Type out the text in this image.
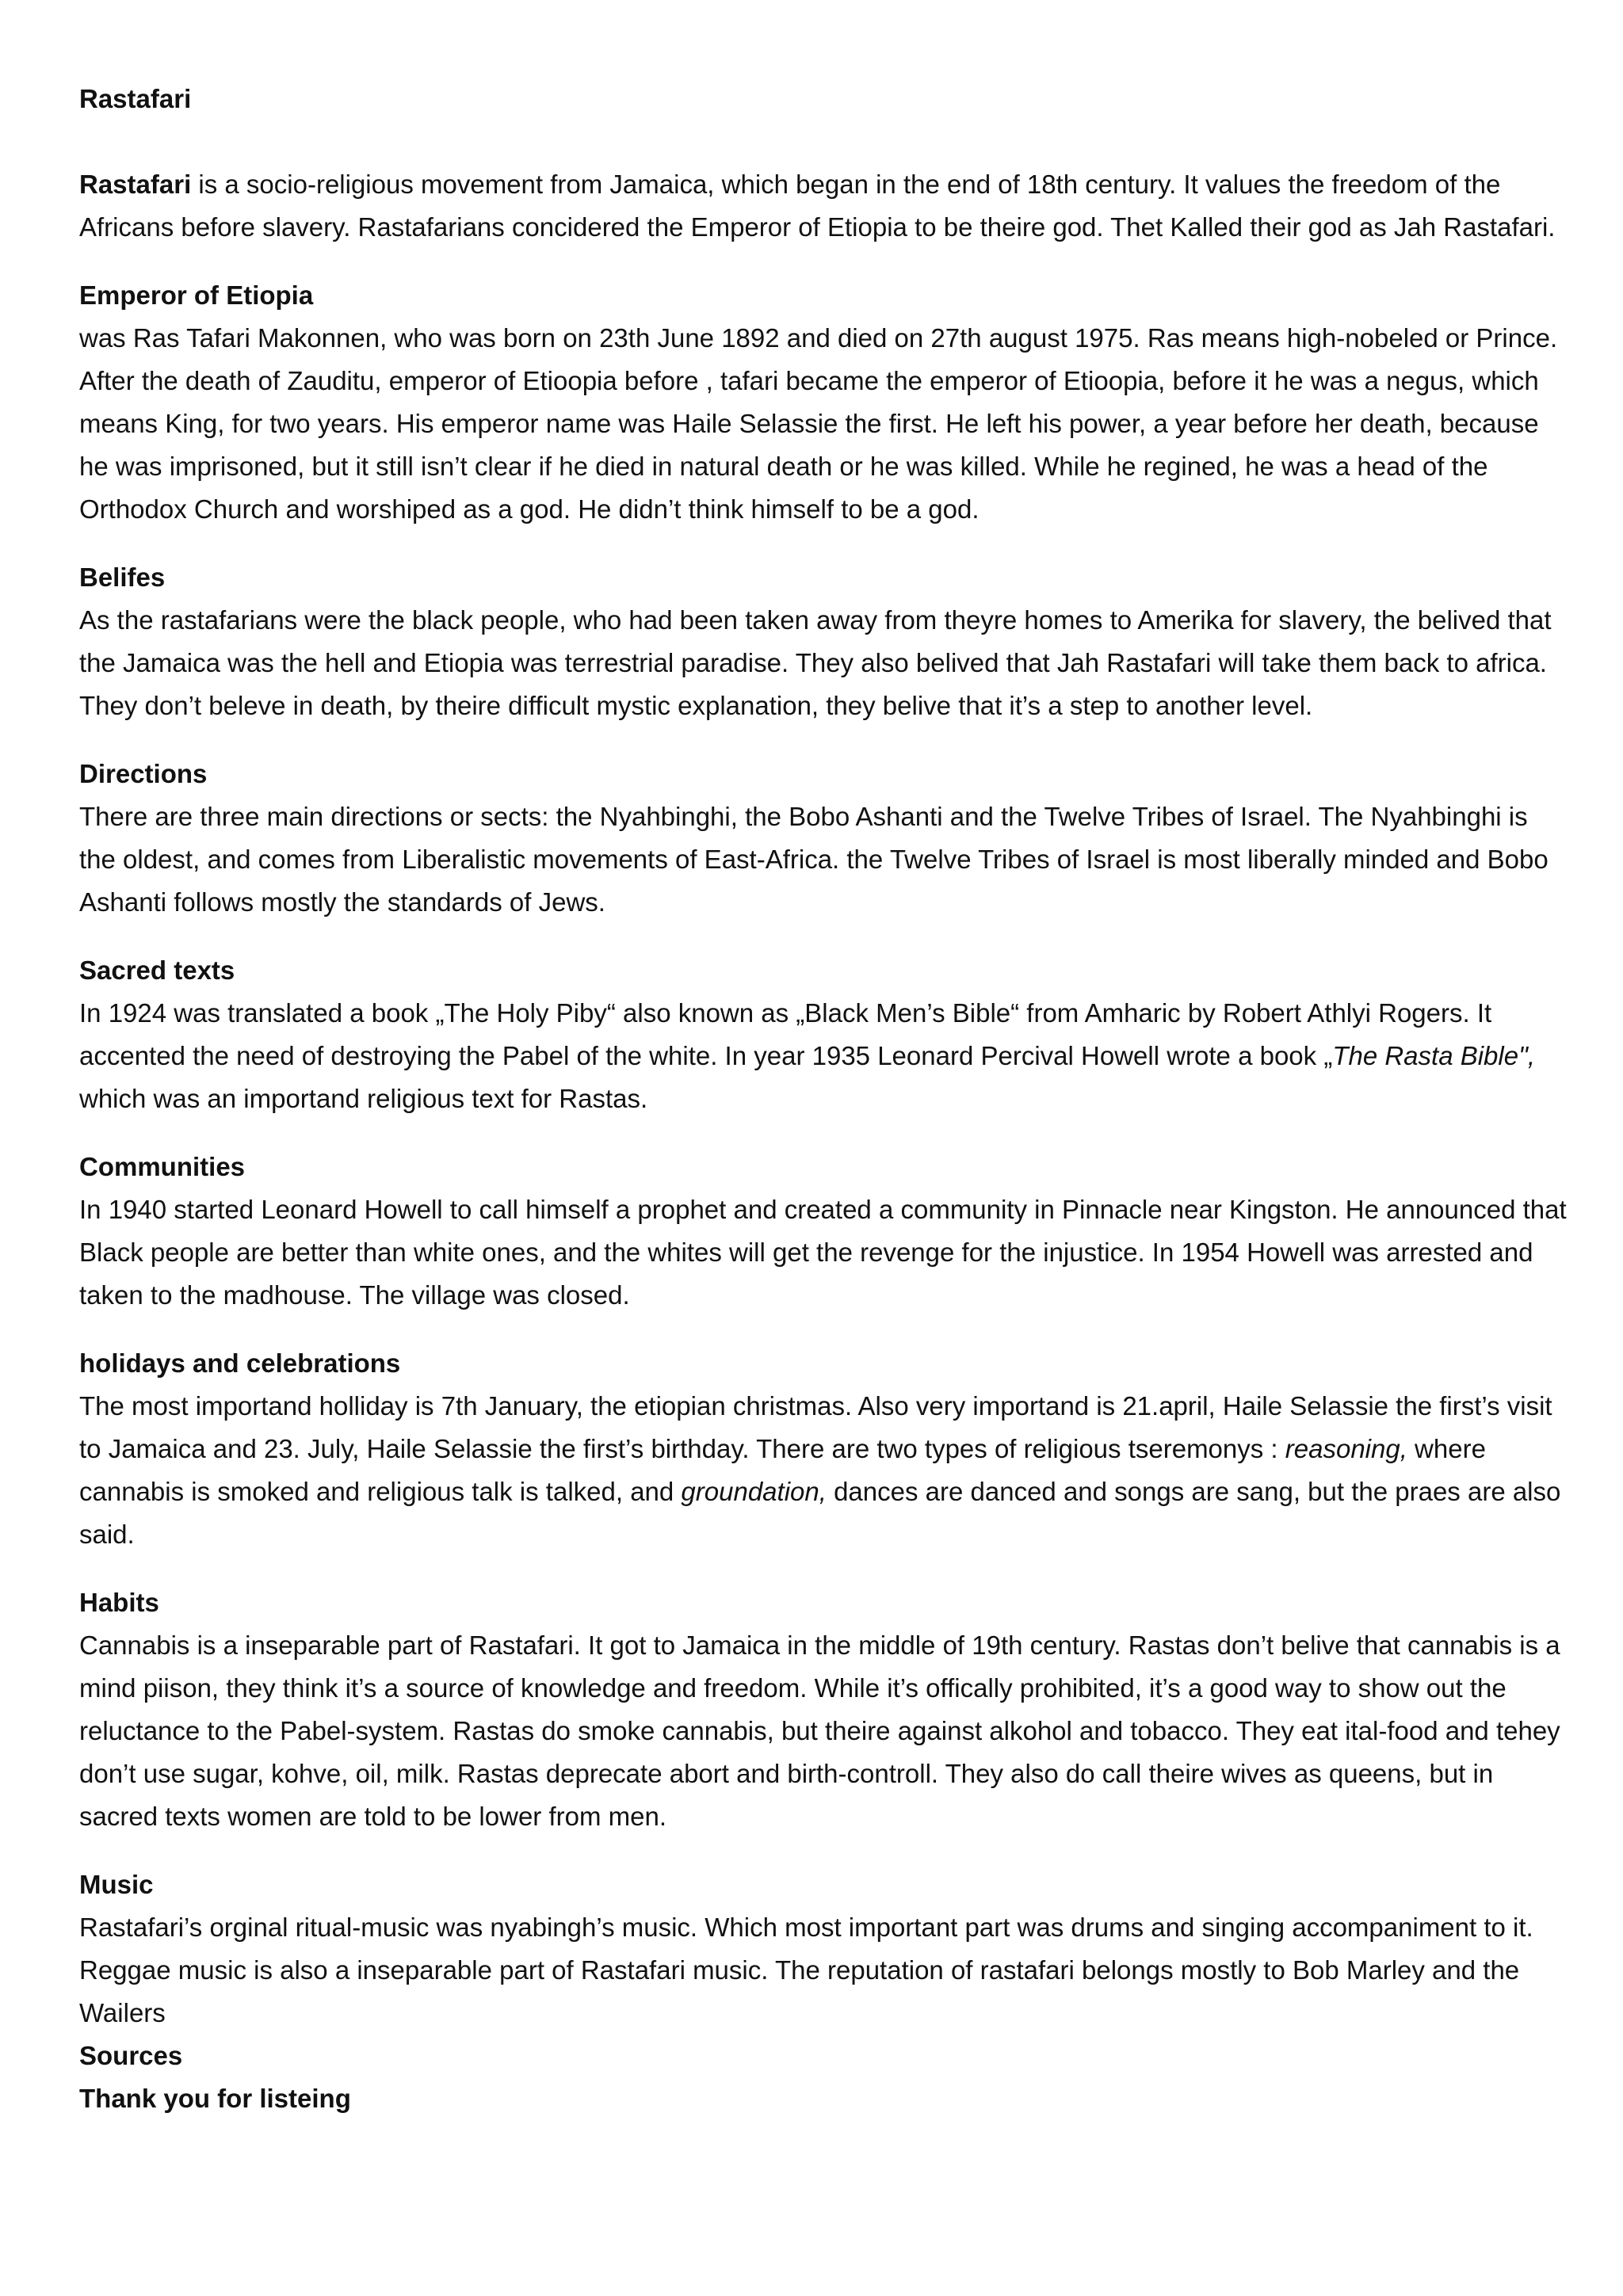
Rastafari

Rastafari is a socio-religious movement from Jamaica, which began in the end of 18th century. It values the freedom of the Africans before slavery. Rastafarians concidered the Emperor of Etiopia to be theire god. Thet Kalled their god as Jah Rastafari.

Emperor of Etiopia

was Ras Tafari Makonnen, who was born on 23th June 1892 and died on 27th august 1975. Ras means high-nobeled or Prince. After the death of Zauditu, emperor of Etioopia before , tafari became the emperor of Etioopia, before it he was a negus, which means King, for two years. His emperor name was Haile Selassie the first. He left his power, a year before her death, because he was imprisoned, but it still isn’t clear if he died in natural death or he was killed. While he regined, he was a head of the Orthodox Church and worshiped as a god. He didn’t think himself to be a god.

Belifes

As the rastafarians were the black people, who had been taken away from theyre homes to Amerika for slavery, the belived that the Jamaica was the hell and Etiopia was terrestrial paradise. They also belived that Jah Rastafari will take them back to africa. They don’t beleve in death, by theire difficult mystic explanation, they belive that it’s a step to another level.

Directions

There are three main directions or sects: the Nyahbinghi, the Bobo Ashanti and the Twelve Tribes of Israel. The Nyahbinghi is the oldest, and comes from Liberalistic movements of East-Africa. the Twelve Tribes of Israel is most liberally minded and Bobo Ashanti follows mostly the standards of Jews.

Sacred texts

In 1924 was translated a book „The Holy Piby“ also known as „Black Men’s Bible“ from Amharic by Robert Athlyi Rogers. It accented the need of destroying the Pabel of the white. In year 1935 Leonard Percival Howell wrote a book „The Rasta Bible", which was an importand religious text for Rastas.

Communities

In 1940 started Leonard Howell to call himself a prophet and created a community in Pinnacle near Kingston. He announced that Black people are better than white ones, and the whites will get the revenge for the injustice. In 1954 Howell was arrested and taken to the madhouse. The village was closed.

holidays and celebrations

The most importand holliday is 7th January, the etiopian christmas. Also very importand is 21.april, Haile Selassie the first’s visit to Jamaica and 23. July, Haile Selassie the first’s birthday. There are two types of religious tseremonys : reasoning, where cannabis is smoked and religious talk is talked, and groundation, dances are danced and songs are sang, but the praes are also said.

Habits

Cannabis is a inseparable part of Rastafari. It got to Jamaica in the middle of 19th century. Rastas don’t belive that cannabis is a mind piison, they think it’s a source of knowledge and freedom. While it’s offically prohibited, it’s a good way to show out the reluctance to the Pabel-system. Rastas do smoke cannabis, but theire against alkohol and tobacco. They eat ital-food and tehey don’t use sugar, kohve, oil, milk. Rastas deprecate abort and birth-controll. They also do call theire wives as queens, but in sacred texts women are told to be lower from men.

Music

Rastafari’s orginal ritual-music was nyabingh’s music. Which most important part was drums and singing accompaniment to it. Reggae music is also a inseparable part of Rastafari music. The reputation of rastafari belongs mostly to Bob Marley and the Wailers

Sources

Thank you for listeing
